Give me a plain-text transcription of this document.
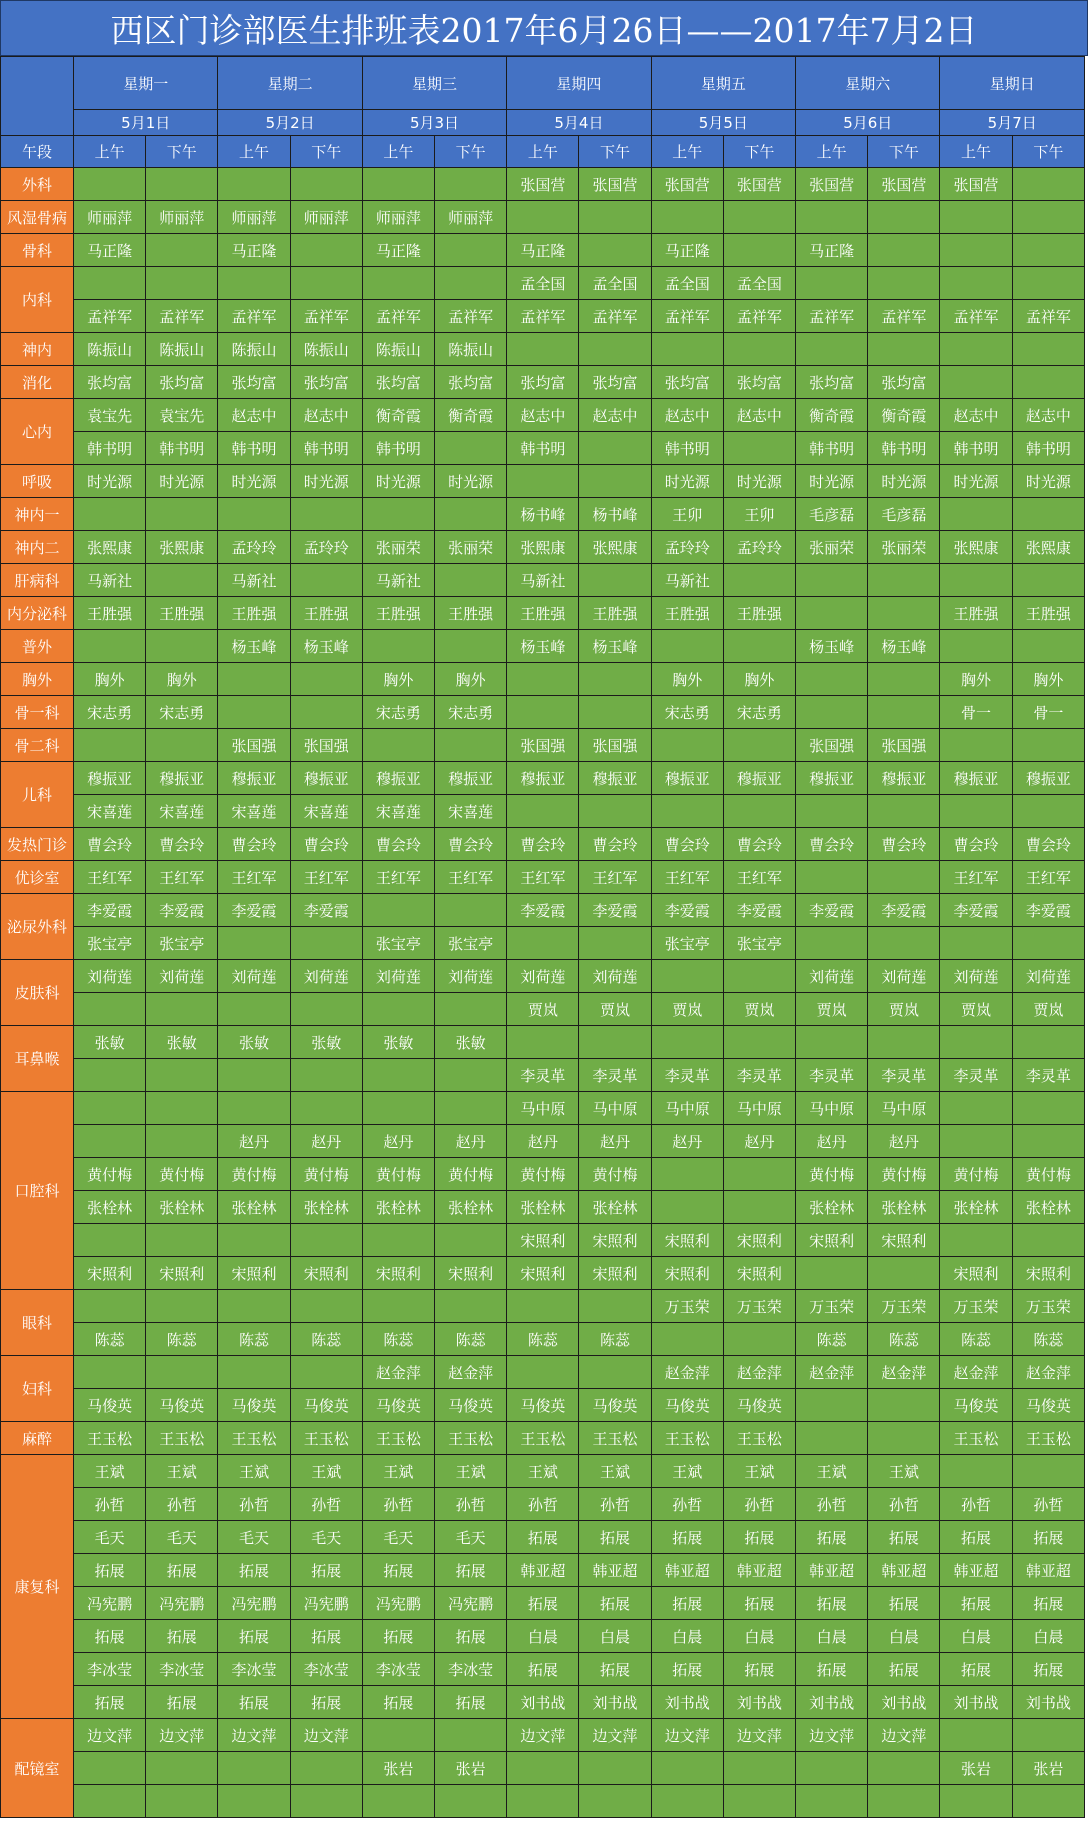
西区门诊部医生排班表2017年6月26日——2017年7月2日
	星期一		星期二		星期三		星期四		星期五		星期六		星期日	
	5月1日		5月2日		5月3日		5月4日		5月5日		5月6日		5月7日	
午段	上午	下午	上午	下午	上午	下午	上午	下午	上午	下午	上午	下午	上午	下午
外科							张国营	张国营	张国营	张国营	张国营	张国营	张国营	
风湿骨病	师丽萍	师丽萍	师丽萍	师丽萍	师丽萍	师丽萍								
骨科	马正隆		马正隆		马正隆		马正隆		马正隆		马正隆			
内科							孟全国	孟全国	孟全国	孟全国				
	孟祥军	孟祥军	孟祥军	孟祥军	孟祥军	孟祥军	孟祥军	孟祥军	孟祥军	孟祥军	孟祥军	孟祥军	孟祥军	孟祥军
神内	陈振山	陈振山	陈振山	陈振山	陈振山	陈振山								
消化	张均富	张均富	张均富	张均富	张均富	张均富	张均富	张均富	张均富	张均富	张均富	张均富		
心内	袁宝先	袁宝先	赵志中	赵志中	衡奇霞	衡奇霞	赵志中	赵志中	赵志中	赵志中	衡奇霞	衡奇霞	赵志中	赵志中
	韩书明	韩书明	韩书明	韩书明	韩书明		韩书明		韩书明		韩书明	韩书明	韩书明	韩书明
呼吸	时光源	时光源	时光源	时光源	时光源	时光源			时光源	时光源	时光源	时光源	时光源	时光源
神内一							杨书峰	杨书峰	王卯	王卯	毛彦磊	毛彦磊		
神内二	张熙康	张熙康	孟玲玲	孟玲玲	张丽荣	张丽荣	张熙康	张熙康	孟玲玲	孟玲玲	张丽荣	张丽荣	张熙康	张熙康
肝病科	马新社		马新社		马新社		马新社		马新社					
内分泌科	王胜强	王胜强	王胜强	王胜强	王胜强	王胜强	王胜强	王胜强	王胜强	王胜强			王胜强	王胜强
普外			杨玉峰	杨玉峰			杨玉峰	杨玉峰			杨玉峰	杨玉峰		
胸外	胸外	胸外			胸外	胸外			胸外	胸外			胸外	胸外
骨一科	宋志勇	宋志勇			宋志勇	宋志勇			宋志勇	宋志勇			骨一	骨一
骨二科			张国强	张国强			张国强	张国强			张国强	张国强		
儿科	穆振亚	穆振亚	穆振亚	穆振亚	穆振亚	穆振亚	穆振亚	穆振亚	穆振亚	穆振亚	穆振亚	穆振亚	穆振亚	穆振亚
	宋喜莲	宋喜莲	宋喜莲	宋喜莲	宋喜莲	宋喜莲								
发热门诊	曹会玲	曹会玲	曹会玲	曹会玲	曹会玲	曹会玲	曹会玲	曹会玲	曹会玲	曹会玲	曹会玲	曹会玲	曹会玲	曹会玲
优诊室	王红军	王红军	王红军	王红军	王红军	王红军	王红军	王红军	王红军	王红军			王红军	王红军
泌尿外科	李爱霞	李爱霞	李爱霞	李爱霞			李爱霞	李爱霞	李爱霞	李爱霞	李爱霞	李爱霞	李爱霞	李爱霞
	张宝亭	张宝亭			张宝亭	张宝亭			张宝亭	张宝亭				
皮肤科	刘荷莲	刘荷莲	刘荷莲	刘荷莲	刘荷莲	刘荷莲	刘荷莲	刘荷莲			刘荷莲	刘荷莲	刘荷莲	刘荷莲
							贾岚	贾岚	贾岚	贾岚	贾岚	贾岚	贾岚	贾岚
耳鼻喉	张敏	张敏	张敏	张敏	张敏	张敏								
							李灵革	李灵革	李灵革	李灵革	李灵革	李灵革	李灵革	李灵革
口腔科							马中原	马中原	马中原	马中原	马中原	马中原		
			赵丹	赵丹	赵丹	赵丹	赵丹	赵丹	赵丹	赵丹	赵丹	赵丹		
	黄付梅	黄付梅	黄付梅	黄付梅	黄付梅	黄付梅	黄付梅	黄付梅			黄付梅	黄付梅	黄付梅	黄付梅
	张栓林	张栓林	张栓林	张栓林	张栓林	张栓林	张栓林	张栓林			张栓林	张栓林	张栓林	张栓林
							宋照利	宋照利	宋照利	宋照利	宋照利	宋照利		
	宋照利	宋照利	宋照利	宋照利	宋照利	宋照利	宋照利	宋照利	宋照利	宋照利			宋照利	宋照利
眼科									万玉荣	万玉荣	万玉荣	万玉荣	万玉荣	万玉荣
	陈蕊	陈蕊	陈蕊	陈蕊	陈蕊	陈蕊	陈蕊	陈蕊			陈蕊	陈蕊	陈蕊	陈蕊
妇科					赵金萍	赵金萍			赵金萍	赵金萍	赵金萍	赵金萍	赵金萍	赵金萍
	马俊英	马俊英	马俊英	马俊英	马俊英	马俊英	马俊英	马俊英	马俊英	马俊英			马俊英	马俊英
麻醉	王玉松	王玉松	王玉松	王玉松	王玉松	王玉松	王玉松	王玉松	王玉松	王玉松			王玉松	王玉松
康复科	王斌	王斌	王斌	王斌	王斌	王斌	王斌	王斌	王斌	王斌	王斌	王斌		
	孙哲	孙哲	孙哲	孙哲	孙哲	孙哲	孙哲	孙哲	孙哲	孙哲	孙哲	孙哲	孙哲	孙哲
	毛天	毛天	毛天	毛天	毛天	毛天	拓展	拓展	拓展	拓展	拓展	拓展	拓展	拓展
	拓展	拓展	拓展	拓展	拓展	拓展	韩亚超	韩亚超	韩亚超	韩亚超	韩亚超	韩亚超	韩亚超	韩亚超
	冯宪鹏	冯宪鹏	冯宪鹏	冯宪鹏	冯宪鹏	冯宪鹏	拓展	拓展	拓展	拓展	拓展	拓展	拓展	拓展
	拓展	拓展	拓展	拓展	拓展	拓展	白晨	白晨	白晨	白晨	白晨	白晨	白晨	白晨
	李冰莹	李冰莹	李冰莹	李冰莹	李冰莹	李冰莹	拓展	拓展	拓展	拓展	拓展	拓展	拓展	拓展
	拓展	拓展	拓展	拓展	拓展	拓展	刘书战	刘书战	刘书战	刘书战	刘书战	刘书战	刘书战	刘书战
配镜室	边文萍	边文萍	边文萍	边文萍			边文萍	边文萍	边文萍	边文萍	边文萍	边文萍		
					张岩	张岩							张岩	张岩
